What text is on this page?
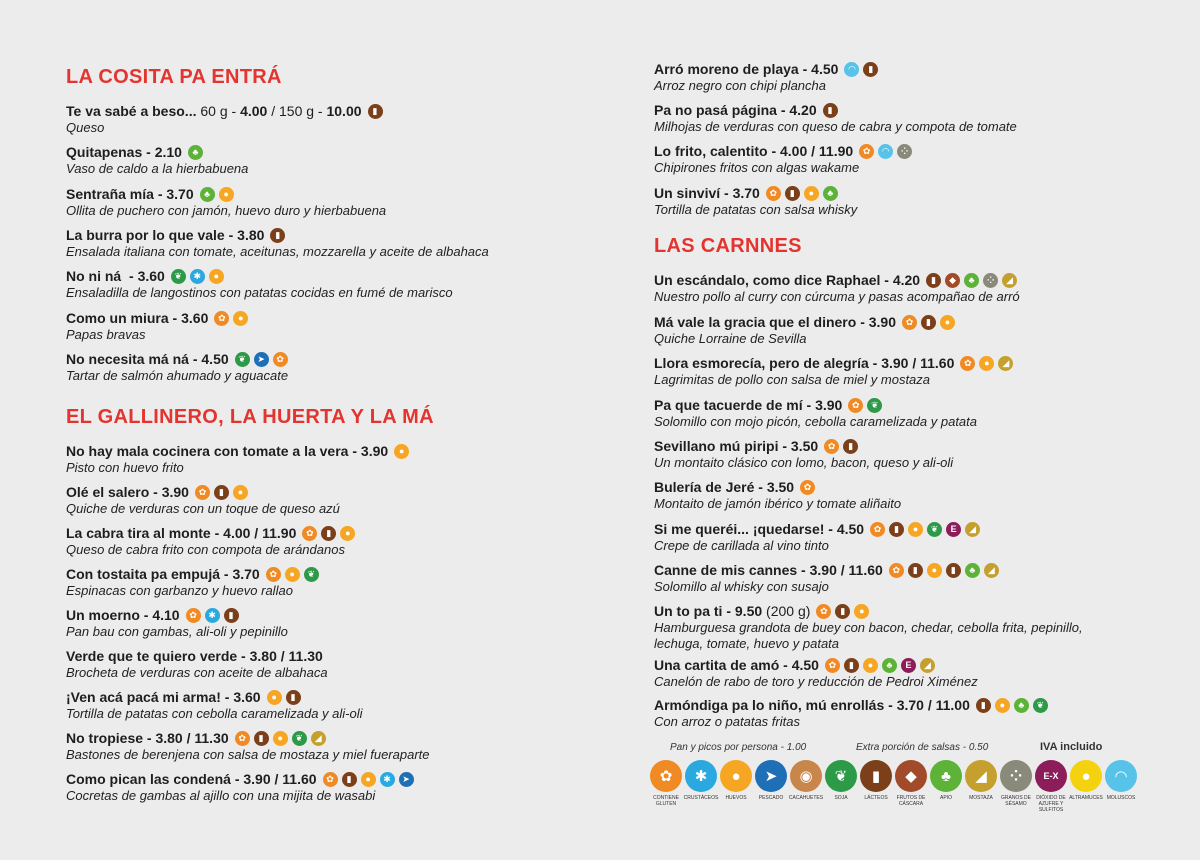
LA COSITA PA ENTRÁ
Te va sabé a beso... 60 g - 4.00 / 150 g - 10.00	▮
Queso
Quitapenas - 2.10	♣
Vaso de caldo a la hierbabuena
Sentraña mía - 3.70	♣	●
Ollita de puchero con jamón, huevo duro y hierbabuena
La burra por lo que vale - 3.80	▮
Ensalada italiana con tomate, aceitunas, mozzarella y aceite de albahaca
No ni ná  - 3.60	❦	✱	●
Ensaladilla de langostinos con patatas cocidas en fumé de marisco
Como un miura - 3.60	✿	●
Papas bravas
No necesita má ná - 4.50	❦	➤	✿
Tartar de salmón ahumado y aguacate
EL GALLINERO, LA HUERTA Y LA MÁ
No hay mala cocinera con tomate a la vera - 3.90	●
Pisto con huevo frito
Olé el salero - 3.90	✿	▮	●
Quiche de verduras con un toque de queso azú
La cabra tira al monte - 4.00 / 11.90	✿	▮	●
Queso de cabra frito con compota de arándanos
Con tostaita pa empujá - 3.70	✿	●	❦
Espinacas con garbanzo y huevo rallao
Un moerno - 4.10	✿	✱	▮
Pan bau con gambas, ali-oli y pepinillo
Verde que te quiero verde - 3.80 / 11.30
Brocheta de verduras con aceite de albahaca
¡Ven acá pacá mi arma! - 3.60	●	▮
Tortilla de patatas con cebolla caramelizada y ali-oli
No tropiese - 3.80 / 11.30	✿	▮	●	❦	◢
Bastones de berenjena con salsa de mostaza y miel fueraparte
Como pican las condená - 3.90 / 11.60	✿	▮	●	✱	➤
Cocretas de gambas al ajillo con una mijita de wasabi
Arró moreno de playa - 4.50	◠	▮
Arroz negro con chipi plancha
Pa no pasá página - 4.20	▮
Milhojas de verduras con queso de cabra y compota de tomate
Lo frito, calentito - 4.00 / 11.90	✿	◠	⁘
Chipirones fritos con algas wakame
Un sinviví - 3.70	✿	▮	●	♣
Tortilla de patatas con salsa whisky
LAS CARNNES
Un escándalo, como dice Raphael - 4.20	▮	◆	♣	⁘	◢
Nuestro pollo al curry con cúrcuma y pasas acompañao de arró
Má vale la gracia que el dinero - 3.90	✿	▮	●
Quiche Lorraine de Sevilla
Llora esmorecía, pero de alegría - 3.90 / 11.60	✿	●	◢
Lagrimitas de pollo con salsa de miel y mostaza
Pa que tacuerde de mí - 3.90	✿	❦
Solomillo con mojo picón, cebolla caramelizada y patata
Sevillano mú piripi - 3.50	✿	▮
Un montaito clásico con lomo, bacon, queso y ali-oli
Bulería de Jeré - 3.50	✿
Montaito de jamón ibérico y tomate aliñaito
Si me queréi... ¡quedarse! - 4.50	✿	▮	●	❦	E	◢
Crepe de carillada al vino tinto
Canne de mis cannes - 3.90 / 11.60	✿	▮	●	▮	♣	◢
Solomillo al whisky con susajo
Un to pa ti - 9.50 (200 g)	✿	▮	●
Hamburguesa grandota de buey con bacon, chedar, cebolla frita, pepinillo,
lechuga, tomate, huevo y patata
Una cartita de amó - 4.50	✿	▮	●	♣	E	◢
Canelón de rabo de toro y reducción de Pedroi Ximénez
Armóndiga pa lo niño, mú enrollás - 3.70 / 11.00	▮	●	♣	❦
Con arroz o patatas fritas
Pan y picos por persona - 1.00	Extra porción de salsas - 0.50	IVA incluido
✿
CONTIENE GLUTEN
✱
CRUSTÁCEOS
●
HUEVOS
➤
PESCADO
◉
CACAHUETES
❦
SOJA
▮
LÁCTEOS
◆
FRUTOS DE CÁSCARA
♣
APIO
◢
MOSTAZA
⁘
GRANOS DE SÉSAMO
E-X
DIÓXIDO DE AZUFRE Y SULFITOS
●
ALTRAMUCES
◠
MOLUSCOS
